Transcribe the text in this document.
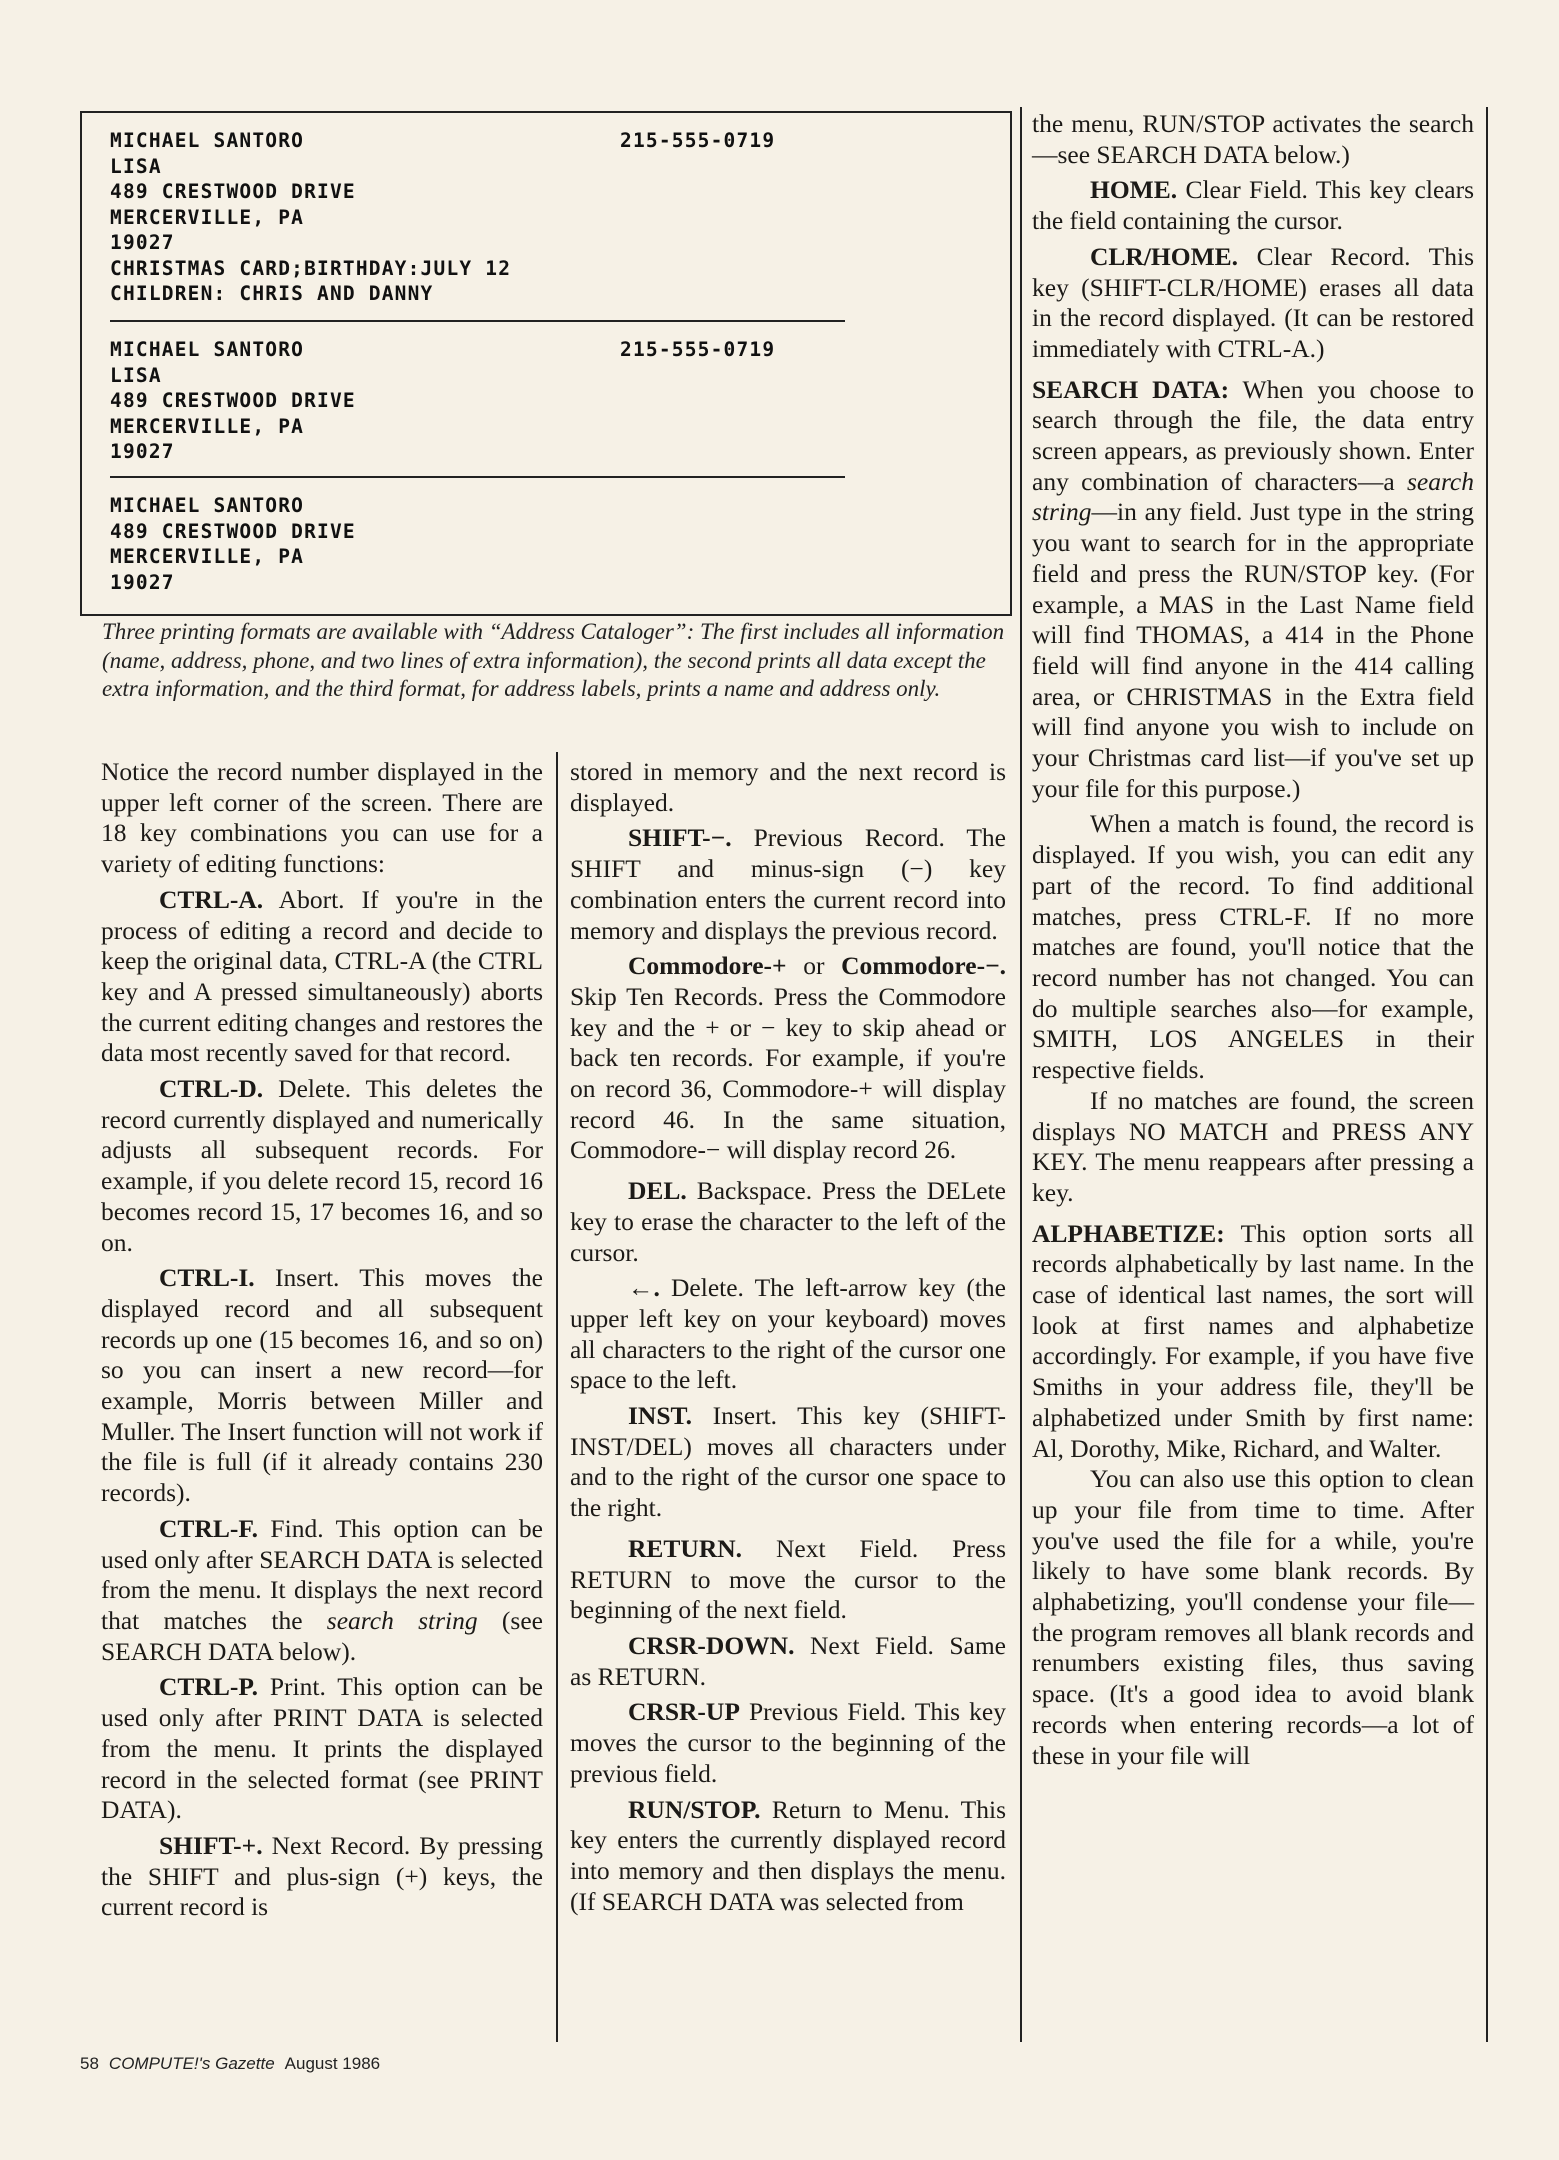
MICHAEL SANTORO	215-555-0719
LISA
489 CRESTWOOD DRIVE
MERCERVILLE, PA
19027
CHRISTMAS CARD;BIRTHDAY:JULY 12
CHILDREN: CHRIS AND DANNY
MICHAEL SANTORO	215-555-0719
LISA
489 CRESTWOOD DRIVE
MERCERVILLE, PA
19027
MICHAEL SANTORO
489 CRESTWOOD DRIVE
MERCERVILLE, PA
19027
Three printing formats are available with “Address Cataloger”: The first includes all information (name, address, phone, and two lines of extra information), the second prints all data except the extra information, and the third format, for address labels, prints a name and address only.

Notice the record number displayed in the upper left corner of the screen. There are 18 key combinations you can use for a variety of editing functions:

CTRL-A. Abort. If you're in the process of editing a record and decide to keep the original data, CTRL-A (the CTRL key and A pressed simultaneously) aborts the current editing changes and restores the data most recently saved for that record.

CTRL-D. Delete. This deletes the record currently displayed and numerically adjusts all subsequent records. For example, if you delete record 15, record 16 becomes record 15, 17 becomes 16, and so on.

CTRL-I. Insert. This moves the displayed record and all subsequent records up one (15 becomes 16, and so on) so you can insert a new record—for example, Morris between Miller and Muller. The Insert function will not work if the file is full (if it already contains 230 records).

CTRL-F. Find. This option can be used only after SEARCH DATA is selected from the menu. It displays the next record that matches the search string (see SEARCH DATA below).

CTRL-P. Print. This option can be used only after PRINT DATA is selected from the menu. It prints the displayed record in the selected format (see PRINT DATA).

SHIFT-+. Next Record. By pressing the SHIFT and plus-sign (+) keys, the current record is

stored in memory and the next record is displayed.

SHIFT-−. Previous Record. The SHIFT and minus-sign (−) key combination enters the current record into memory and displays the previous record.

Commodore-+ or Commodore-−. Skip Ten Records. Press the Commodore key and the + or − key to skip ahead or back ten records. For example, if you're on record 36, Commodore-+ will display record 46. In the same situation, Commodore-− will display record 26.

DEL. Backspace. Press the DELete key to erase the character to the left of the cursor.

←. Delete. The left-arrow key (the upper left key on your keyboard) moves all characters to the right of the cursor one space to the left.

INST. Insert. This key (SHIFT-INST/DEL) moves all characters under and to the right of the cursor one space to the right.

RETURN. Next Field. Press RETURN to move the cursor to the beginning of the next field.

CRSR-DOWN. Next Field. Same as RETURN.

CRSR-UP Previous Field. This key moves the cursor to the beginning of the previous field.

RUN/STOP. Return to Menu. This key enters the currently displayed record into memory and then displays the menu. (If SEARCH DATA was selected from

the menu, RUN/STOP activates the search—see SEARCH DATA below.)

HOME. Clear Field. This key clears the field containing the cursor.

CLR/HOME. Clear Record. This key (SHIFT-CLR/HOME) erases all data in the record displayed. (It can be restored immediately with CTRL-A.)

SEARCH DATA: When you choose to search through the file, the data entry screen appears, as previously shown. Enter any combination of characters—a search string—in any field. Just type in the string you want to search for in the appropriate field and press the RUN/STOP key. (For example, a MAS in the Last Name field will find THOMAS, a 414 in the Phone field will find anyone in the 414 calling area, or CHRISTMAS in the Extra field will find anyone you wish to include on your Christmas card list—if you've set up your file for this purpose.)

When a match is found, the record is displayed. If you wish, you can edit any part of the record. To find additional matches, press CTRL-F. If no more matches are found, you'll notice that the record number has not changed. You can do multiple searches also—for example, SMITH, LOS ANGELES in their respective fields.

If no matches are found, the screen displays NO MATCH and PRESS ANY KEY. The menu reappears after pressing a key.

ALPHABETIZE: This option sorts all records alphabetically by last name. In the case of identical last names, the sort will look at first names and alphabetize accordingly. For example, if you have five Smiths in your address file, they'll be alphabetized under Smith by first name: Al, Dorothy, Mike, Richard, and Walter.

You can also use this option to clean up your file from time to time. After you've used the file for a while, you're likely to have some blank records. By alphabetizing, you'll condense your file—the program removes all blank records and renumbers existing files, thus saving space. (It's a good idea to avoid blank records when entering records—a lot of these in your file will

58 COMPUTE!'s Gazette August 1986
